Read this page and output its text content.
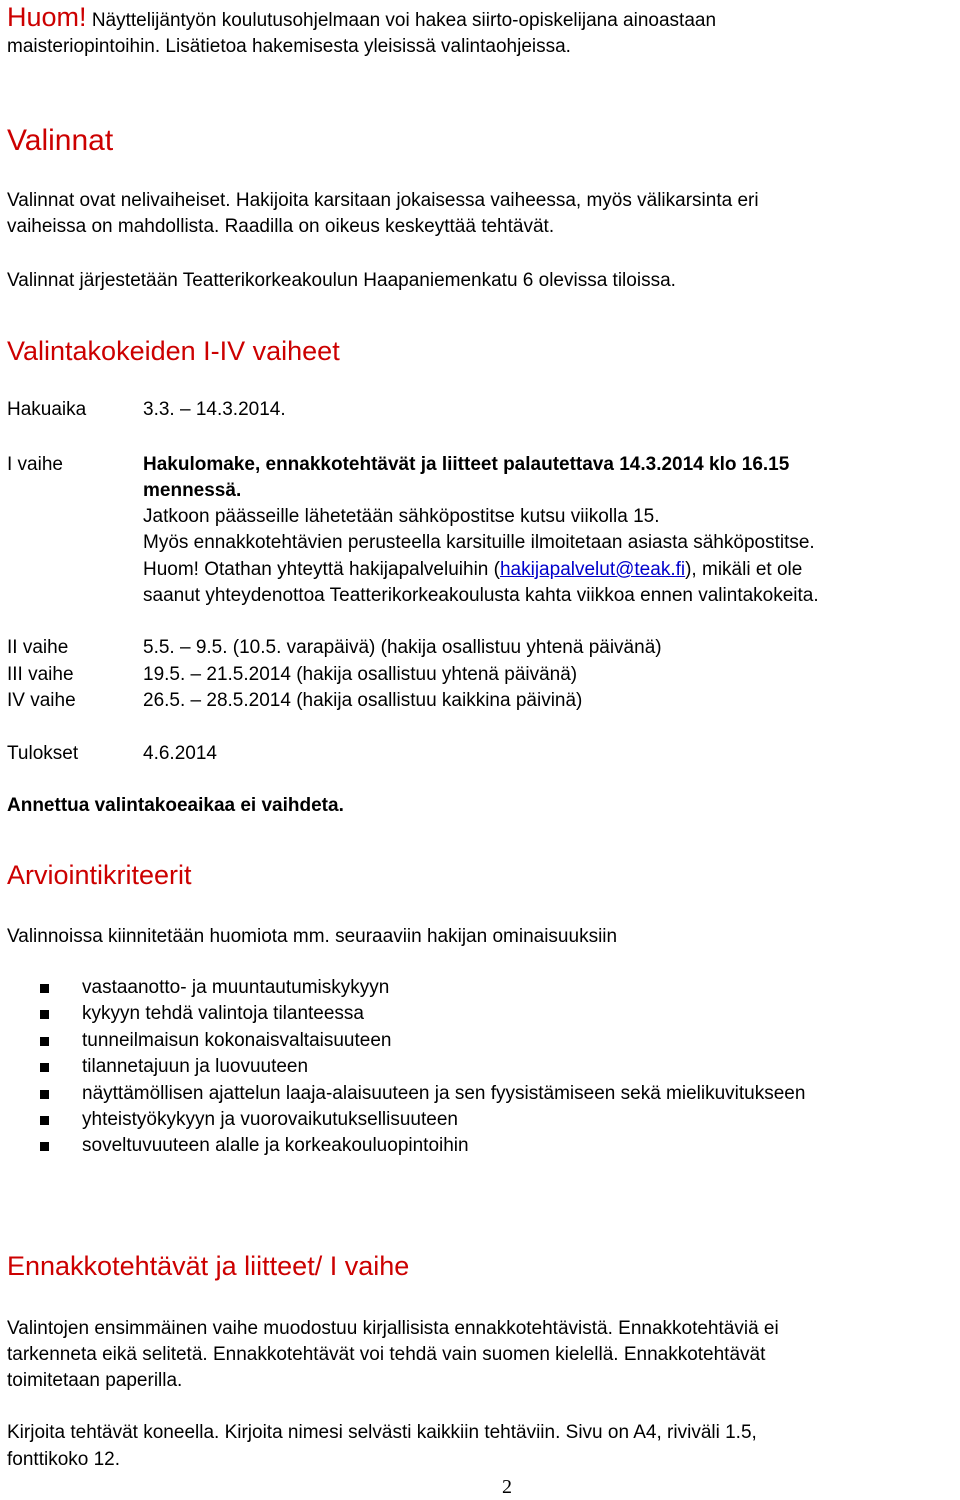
Huom! Näyttelijäntyön koulutusohjelmaan voi hakea siirto-opiskelijana ainoastaan
maisteriopintoihin. Lisätietoa hakemisesta yleisissä valintaohjeissa.
Valinnat
Valinnat ovat nelivaiheiset. Hakijoita karsitaan jokaisessa vaiheessa, myös välikarsinta eri
vaiheissa on mahdollista. Raadilla on oikeus keskeyttää tehtävät.
Valinnat järjestetään Teatterikorkeakoulun Haapaniemenkatu 6 olevissa tiloissa.
Valintakokeiden I-IV vaiheet
Hakuaika	3.3. – 14.3.2014.
I vaihe	Hakulomake, ennakkotehtävät ja liitteet palautettava 14.3.2014 klo 16.15
mennessä.
Jatkoon päässeille lähetetään sähköpostitse kutsu viikolla 15.
Myös ennakkotehtävien perusteella karsituille ilmoitetaan asiasta sähköpostitse.
Huom! Otathan yhteyttä hakijapalveluihin (hakijapalvelut@teak.fi), mikäli et ole
saanut yhteydenottoa Teatterikorkeakoulusta kahta viikkoa ennen valintakokeita.
II vaihe	5.5. – 9.5. (10.5. varapäivä) (hakija osallistuu yhtenä päivänä)
III vaihe	19.5. – 21.5.2014 (hakija osallistuu yhtenä päivänä)
IV vaihe	26.5. – 28.5.2014 (hakija osallistuu kaikkina päivinä)
Tulokset	4.6.2014
Annettua valintakoeaikaa ei vaihdeta.
Arviointikriteerit
Valinnoissa kiinnitetään huomiota mm. seuraaviin hakijan ominaisuuksiin
vastaanotto- ja muuntautumiskykyyn
kykyyn tehdä valintoja tilanteessa
tunneilmaisun kokonaisvaltaisuuteen
tilannetajuun ja luovuuteen
näyttämöllisen ajattelun laaja-alaisuuteen ja sen fyysistämiseen sekä mielikuvitukseen
yhteistyökykyyn ja vuorovaikutuksellisuuteen
soveltuvuuteen alalle ja korkeakouluopintoihin
Ennakkotehtävät ja liitteet/ I vaihe
Valintojen ensimmäinen vaihe muodostuu kirjallisista ennakkotehtävistä. Ennakkotehtäviä ei
tarkenneta eikä selitetä. Ennakkotehtävät voi tehdä vain suomen kielellä. Ennakkotehtävät
toimitetaan paperilla.
Kirjoita tehtävät koneella. Kirjoita nimesi selvästi kaikkiin tehtäviin. Sivu on A4, riviväli 1.5,
fonttikoko 12.
2
